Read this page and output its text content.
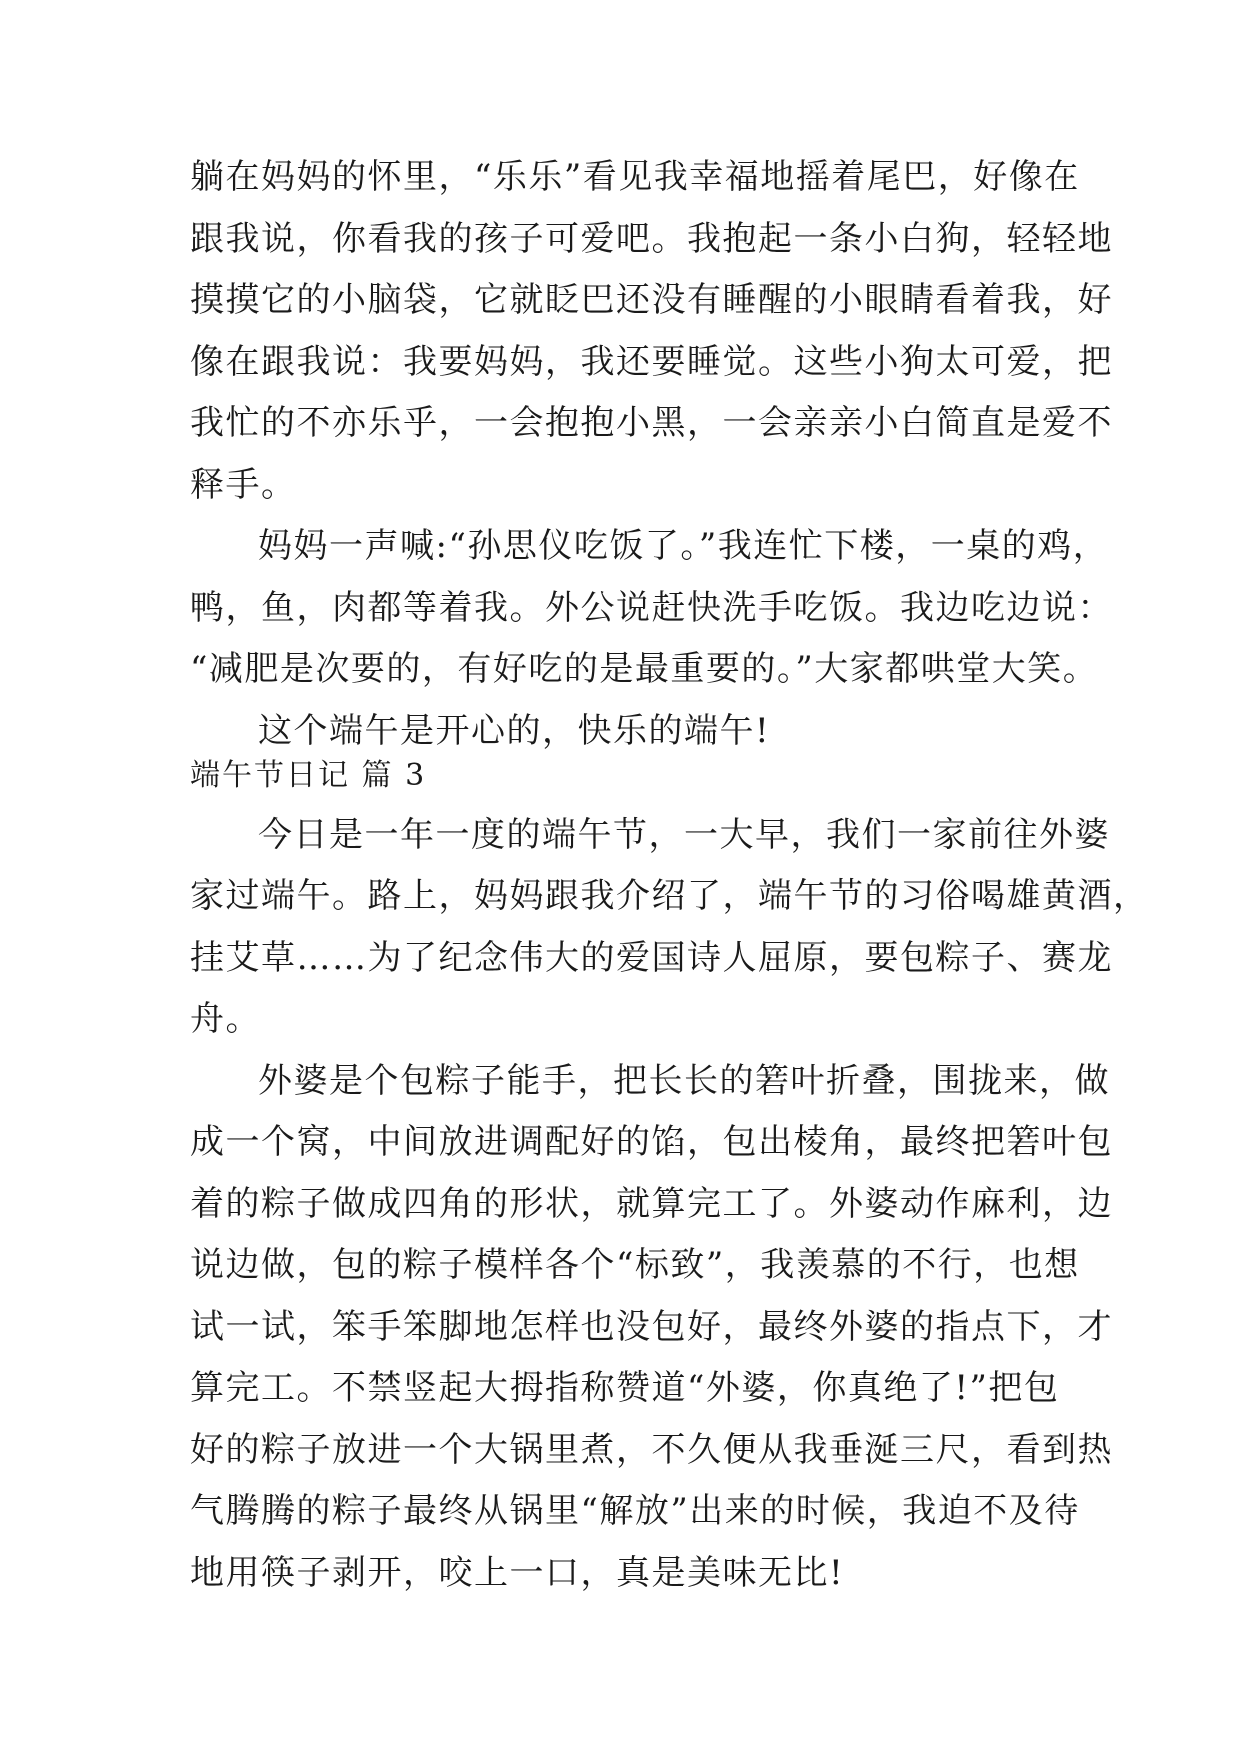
躺在妈妈的怀里，“乐乐”看见我幸福地摇着尾巴，好像在
跟我说，你看我的孩子可爱吧。我抱起一条小白狗，轻轻地
摸摸它的小脑袋，它就眨巴还没有睡醒的小眼睛看着我，好
像在跟我说：我要妈妈，我还要睡觉。这些小狗太可爱，把
我忙的不亦乐乎，一会抱抱小黑，一会亲亲小白简直是爱不
释手。
妈妈一声喊:“孙思仪吃饭了。”我连忙下楼，一桌的鸡，
鸭，鱼，肉都等着我。外公说赶快洗手吃饭。我边吃边说：
“减肥是次要的，有好吃的是最重要的。”大家都哄堂大笑。
这个端午是开心的，快乐的端午!
端午节日记 篇 3
今日是一年一度的端午节，一大早，我们一家前往外婆
家过端午。路上，妈妈跟我介绍了，端午节的习俗喝雄黄酒，
挂艾草……为了纪念伟大的爱国诗人屈原，要包粽子、赛龙
舟。
外婆是个包粽子能手，把长长的箬叶折叠，围拢来，做
成一个窝，中间放进调配好的馅，包出棱角，最终把箬叶包
着的粽子做成四角的形状，就算完工了。外婆动作麻利，边
说边做，包的粽子模样各个“标致”，我羡慕的不行，也想
试一试，笨手笨脚地怎样也没包好，最终外婆的指点下，才
算完工。不禁竖起大拇指称赞道“外婆，你真绝了!”把包
好的粽子放进一个大锅里煮，不久便从我垂涎三尺，看到热
气腾腾的粽子最终从锅里“解放”出来的时候，我迫不及待
地用筷子剥开，咬上一口，真是美味无比!
